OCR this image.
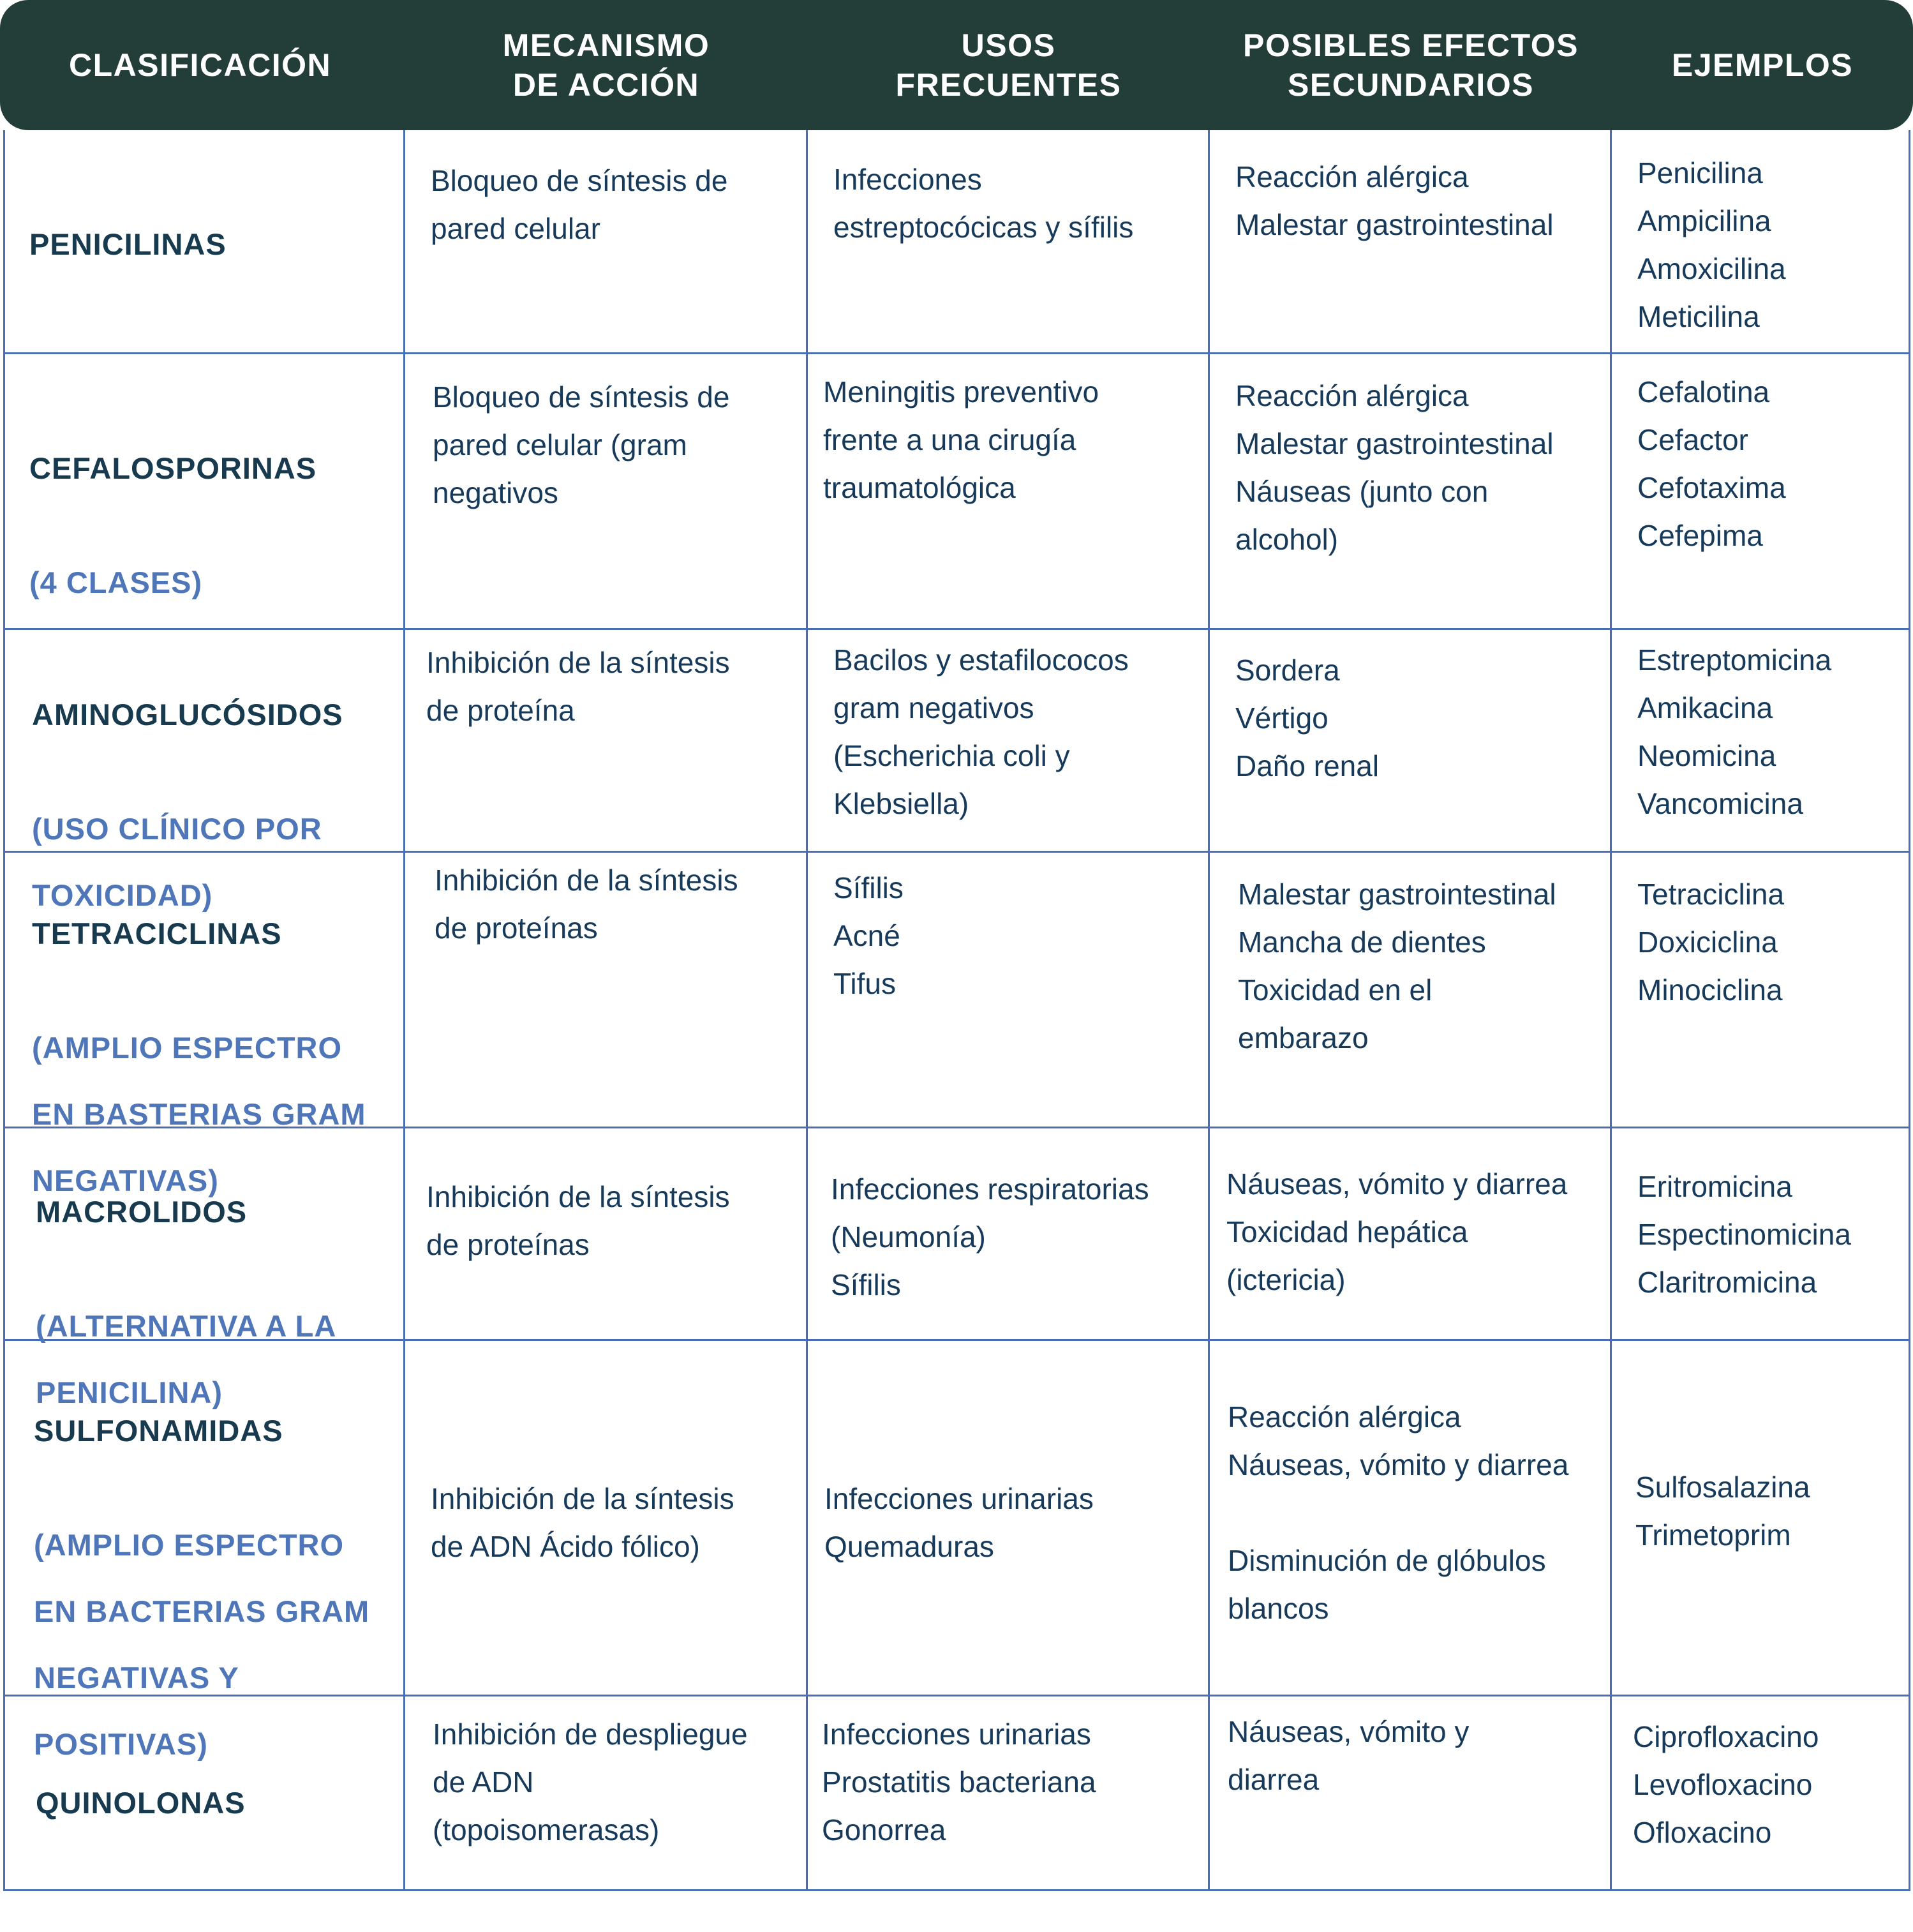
CLASIFICACIÓN
MECANISMO
DE ACCIÓN
USOS
FRECUENTES
POSIBLES EFECTOS
SECUNDARIOS
EJEMPLOS

PENICILINAS

Bloqueo de síntesis de
pared celular
Infecciones
estreptocócicas y sífilis
Reacción alérgica
Malestar gastrointestinal
Penicilina
Ampicilina
Amoxicilina
Meticilina

CEFALOSPORINAS

(4 CLASES)

Bloqueo de síntesis de
pared celular (gram
negativos
Meningitis preventivo
frente a una cirugía
traumatológica
Reacción alérgica
Malestar gastrointestinal
Náuseas (junto con
alcohol)
Cefalotina
Cefactor
Cefotaxima
Cefepima

AMINOGLUCÓSIDOS

(USO CLÍNICO POR
TOXICIDAD)

Inhibición de la síntesis
de proteína
Bacilos y estafilococos
gram negativos
(Escherichia coli y
Klebsiella)
Sordera
Vértigo
Daño renal
Estreptomicina
Amikacina
Neomicina
Vancomicina

TETRACICLINAS

(AMPLIO ESPECTRO
EN BASTERIAS GRAM
NEGATIVAS)

Inhibición de la síntesis
de proteínas
Sífilis
Acné
Tifus
Malestar gastrointestinal
Mancha de dientes
Toxicidad en el
embarazo
Tetraciclina
Doxiciclina
Minociclina

MACROLIDOS

(ALTERNATIVA A LA
PENICILINA)

Inhibición de la síntesis
de proteínas
Infecciones respiratorias
(Neumonía)
Sífilis
Náuseas, vómito y diarrea
Toxicidad hepática
(ictericia)
Eritromicina
Espectinomicina
Claritromicina

SULFONAMIDAS

(AMPLIO ESPECTRO
EN BACTERIAS GRAM
NEGATIVAS Y
POSITIVAS)

Inhibición de la síntesis
de ADN Ácido fólico)
Infecciones urinarias
Quemaduras
Reacción alérgica
Náuseas, vómito y diarrea

Disminución de glóbulos
blancos
Sulfosalazina
Trimetoprim

QUINOLONAS

Inhibición de despliegue
de ADN
(topoisomerasas)
Infecciones urinarias
Prostatitis bacteriana
Gonorrea
Náuseas, vómito y
diarrea
Ciprofloxacino
Levofloxacino
Ofloxacino
